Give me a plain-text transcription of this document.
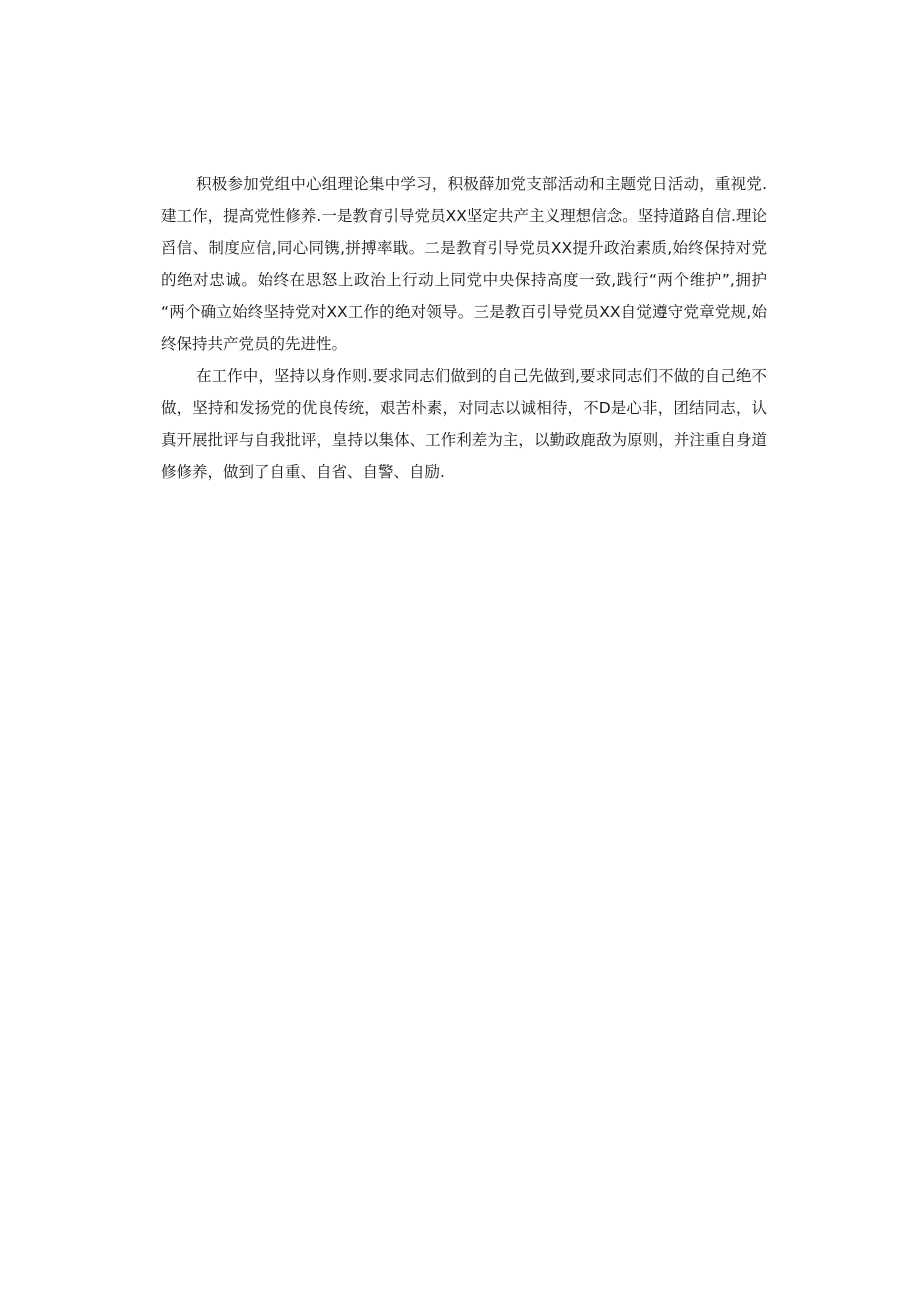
积极参加党组中心组理论集中学习，积极薛加党支部活动和主题党日活动，重视党.
建工作，提高党性修养.一是教育引导党员XX坚定共产主义理想信念。坚持道路自信.理论
舀信、制度应信,同心同镌,拼搏率戢。二是教育引导党员XX提升政治素质,始终保持对党
的绝对忠诚。始终在思怒上政治上行动上同党中央保持高度一致,践行“两个维护”,拥护
“两个确立始终坚持党对XX工作的绝对领导。三是教百引导党员XX自觉遵守党章党规,始
终保持共产党员的先进性。
在工作中，坚持以身作则.要求同志们做到的自己先做到,要求同志们不做的自己绝不
做，坚持和发扬党的优良传统，艰苦朴素，对同志以诚相待，不D是心非，团结同志，认
真开展批评与自我批评，皇持以集体、工作利差为主，以勤政鹿敌为原则，并注重自身道
修修养，做到了自重、自省、自警、自励.
